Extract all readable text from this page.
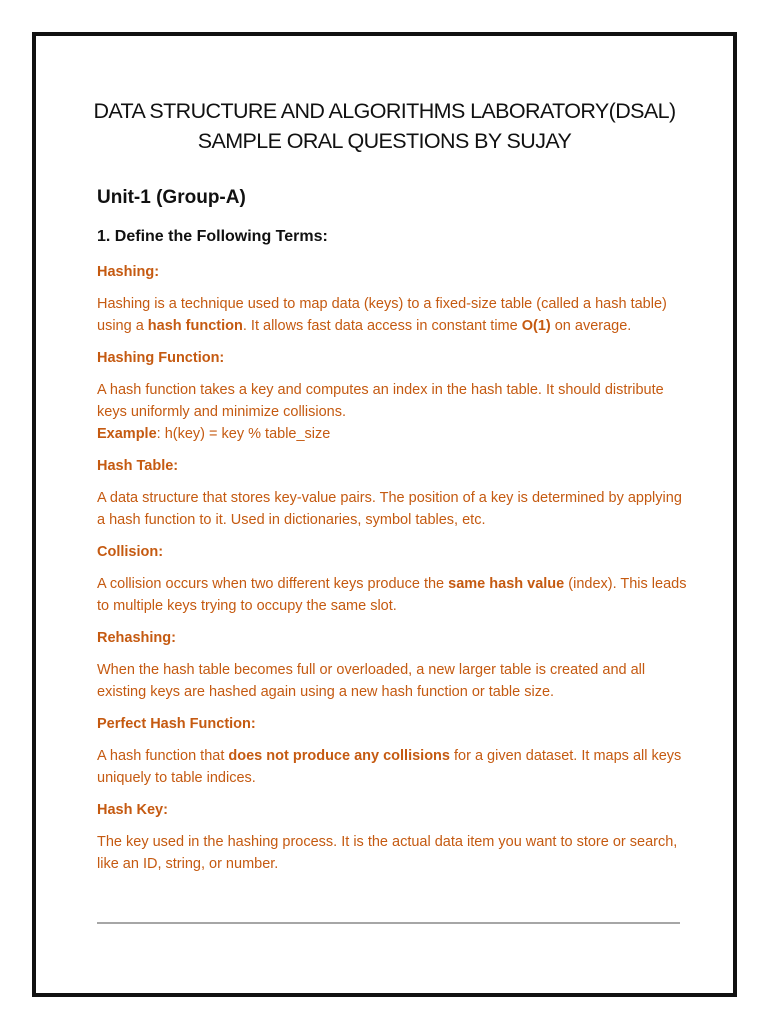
DATA STRUCTURE AND ALGORITHMS LABORATORY(DSAL)
SAMPLE ORAL QUESTIONS BY SUJAY
Unit-1 (Group-A)
1. Define the Following Terms:
Hashing:
Hashing is a technique used to map data (keys) to a fixed-size table (called a hash table) using a hash function. It allows fast data access in constant time O(1) on average.
Hashing Function:
A hash function takes a key and computes an index in the hash table. It should distribute keys uniformly and minimize collisions.
Example: h(key) = key % table_size
Hash Table:
A data structure that stores key-value pairs. The position of a key is determined by applying a hash function to it. Used in dictionaries, symbol tables, etc.
Collision:
A collision occurs when two different keys produce the same hash value (index). This leads to multiple keys trying to occupy the same slot.
Rehashing:
When the hash table becomes full or overloaded, a new larger table is created and all existing keys are hashed again using a new hash function or table size.
Perfect Hash Function:
A hash function that does not produce any collisions for a given dataset. It maps all keys uniquely to table indices.
Hash Key:
The key used in the hashing process. It is the actual data item you want to store or search, like an ID, string, or number.
